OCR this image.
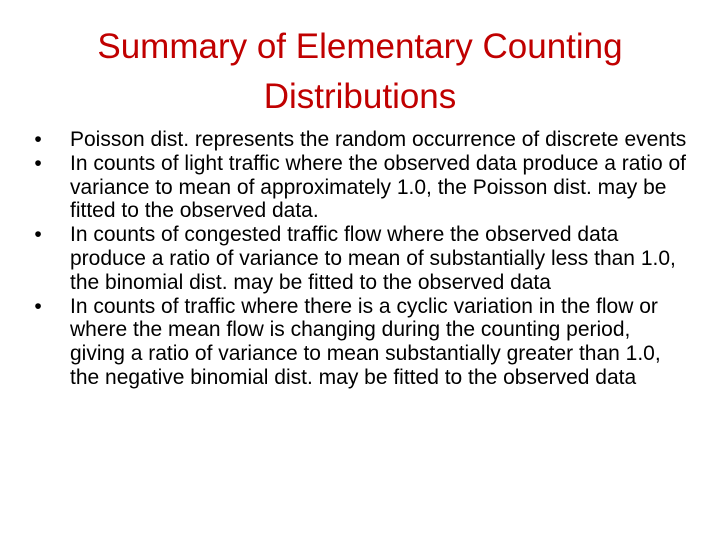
Summary of Elementary Counting Distributions
• Poisson dist. represents the random occurrence of discrete events
• In counts of light traffic where the observed data produce a ratio of variance to mean of approximately 1.0, the Poisson dist. may be fitted to the observed data.
• In counts of congested traffic flow where the observed data produce a ratio of variance to mean of substantially less than 1.0, the binomial dist. may be fitted to the observed data
• In counts of traffic where there is a cyclic variation in the flow or where the mean flow is changing during the counting period, giving a ratio of variance to mean substantially greater than 1.0, the negative binomial dist. may be fitted to the observed data
